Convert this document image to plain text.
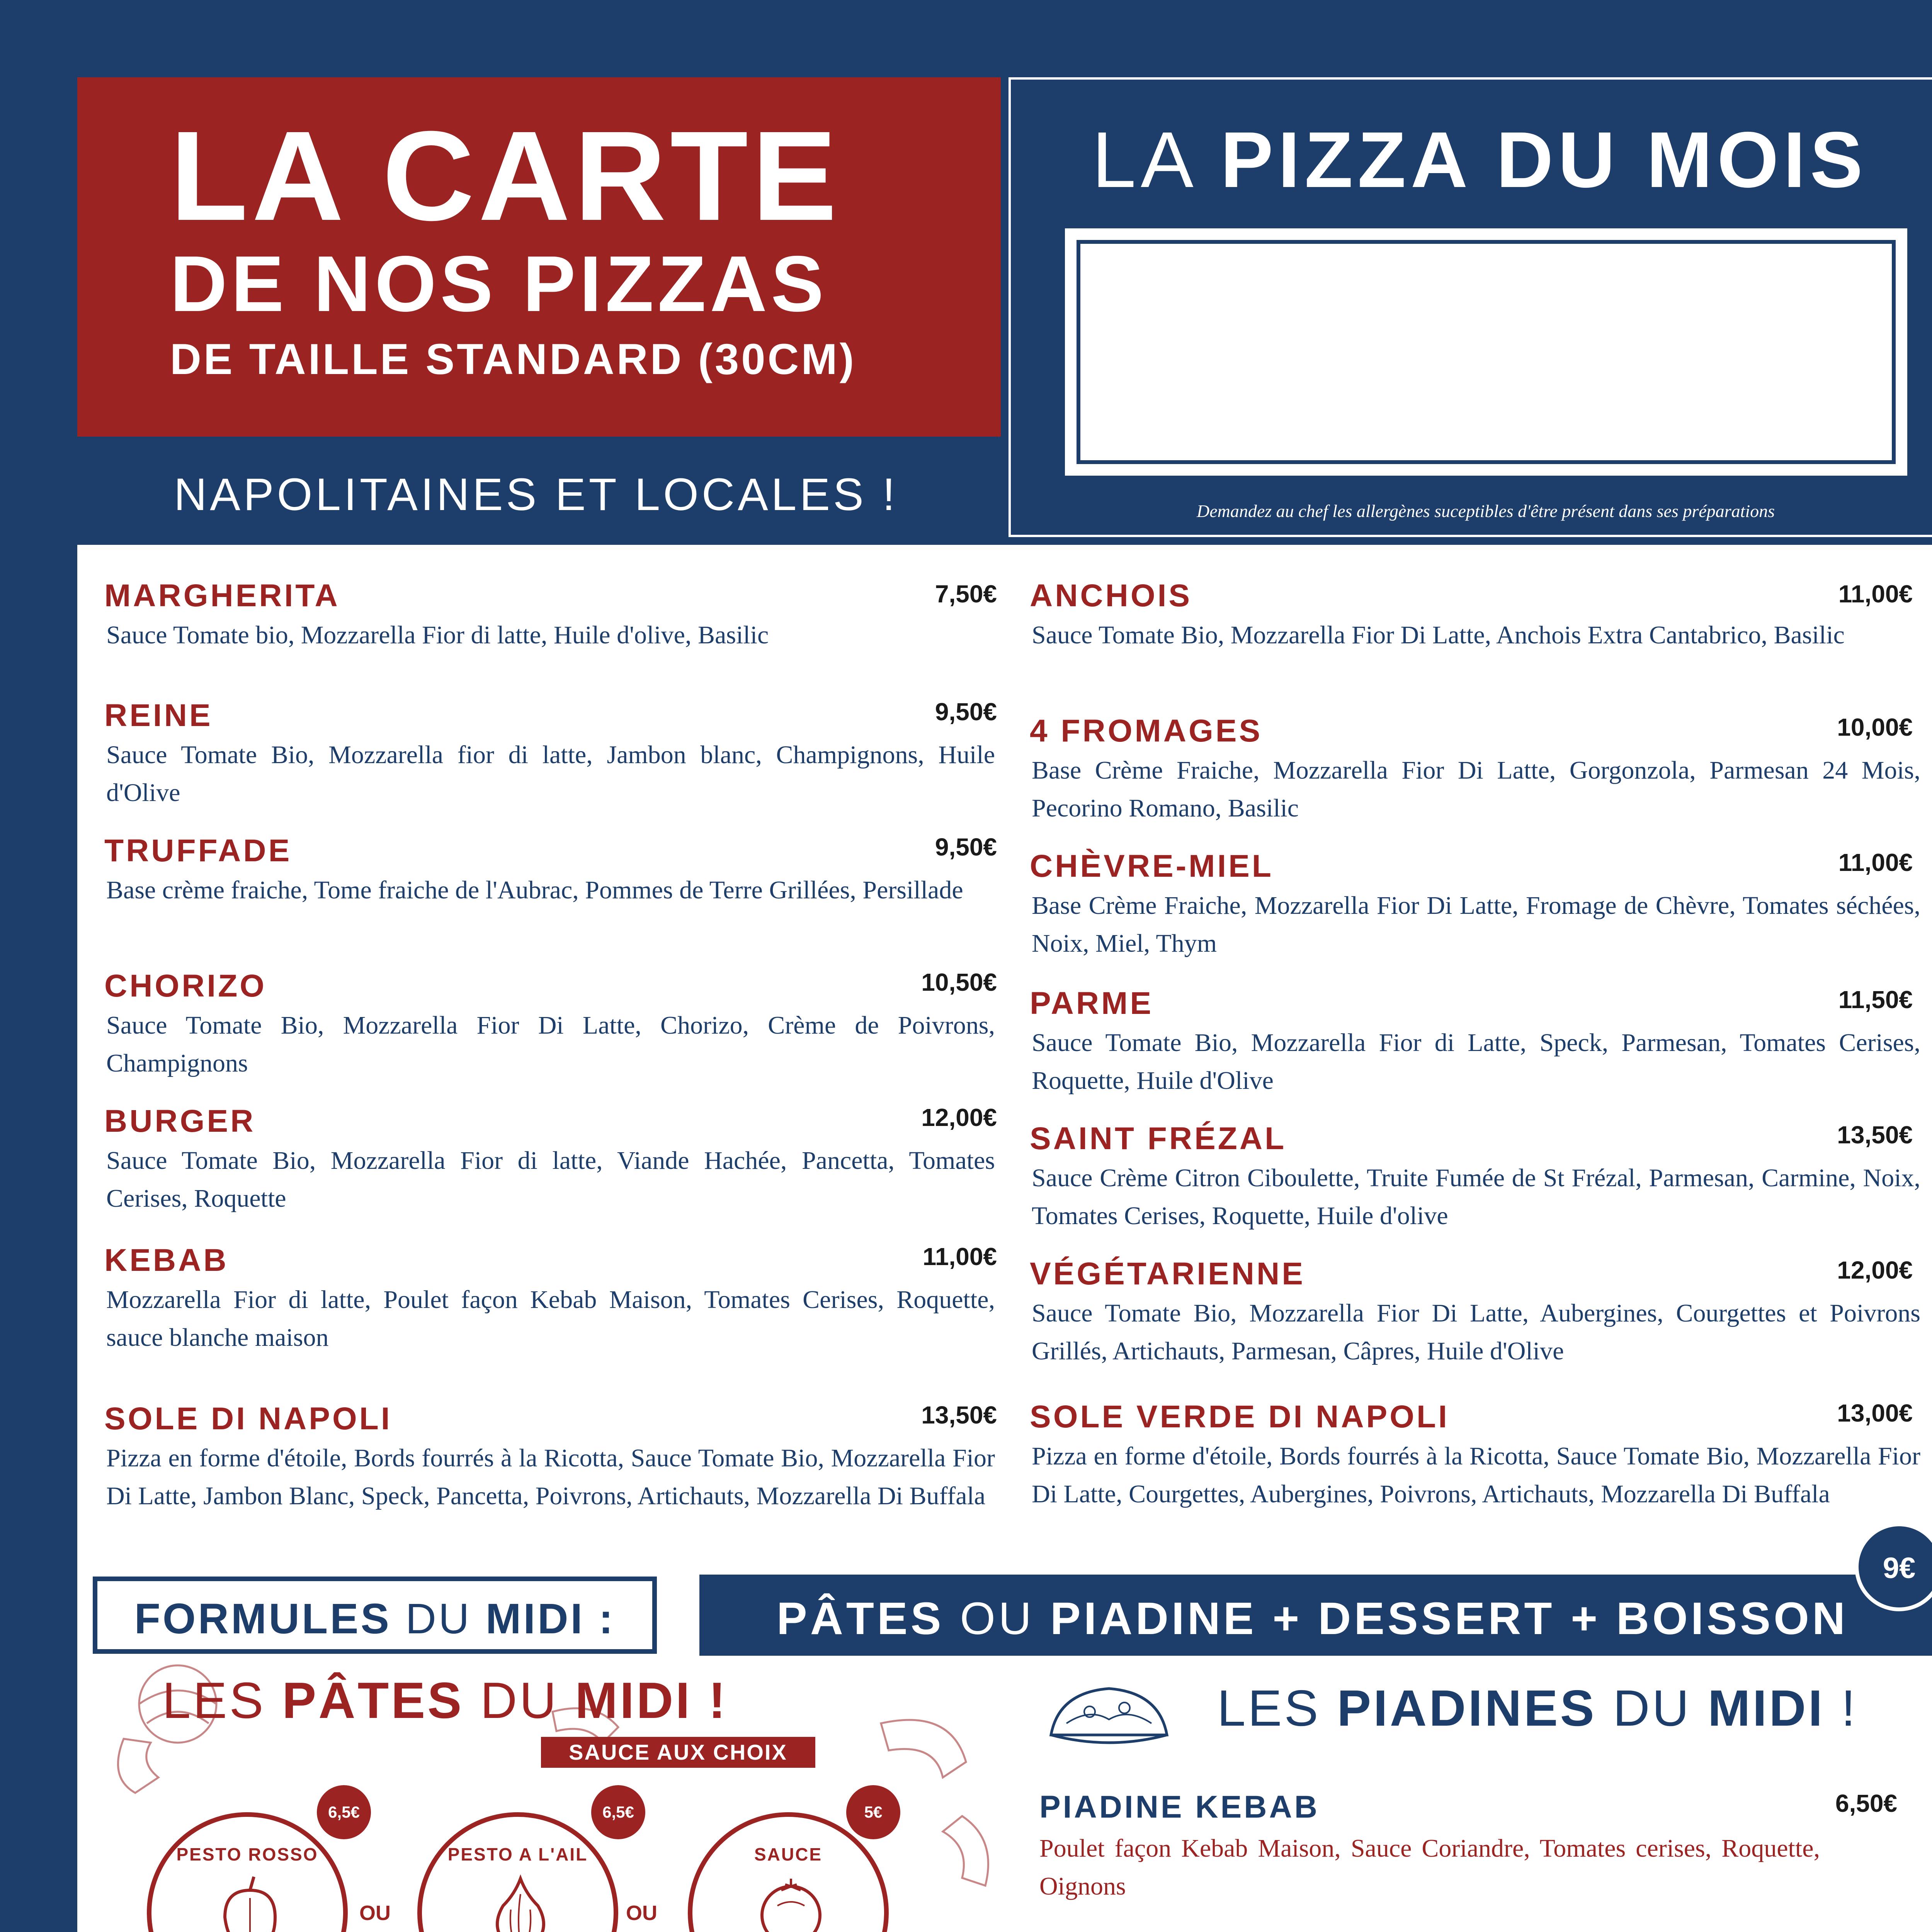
LA CARTE
DE NOS PIZZAS
DE TAILLE STANDARD (30CM)
NAPOLITAINES ET LOCALES !
LA PIZZA DU MOIS
Demandez au chef les allergènes suceptibles d'être présent dans ses préparations
MARGHERITA	7,50€
Sauce Tomate bio, Mozzarella Fior di latte, Huile d'olive, Basilic
REINE	9,50€
Sauce Tomate Bio, Mozzarella fior di latte, Jambon blanc, Champignons, Huile d'Olive
TRUFFADE	9,50€
Base crème fraiche, Tome fraiche de l'Aubrac, Pommes de Terre Grillées, Persillade
CHORIZO	10,50€
Sauce Tomate Bio, Mozzarella Fior Di Latte, Chorizo, Crème de Poivrons, Champignons
BURGER	12,00€
Sauce Tomate Bio, Mozzarella Fior di latte, Viande Hachée, Pancetta, Tomates Cerises, Roquette
KEBAB	11,00€
Mozzarella Fior di latte, Poulet façon Kebab Maison, Tomates Cerises, Roquette, sauce blanche maison
SOLE DI NAPOLI	13,50€
Pizza en forme d'étoile, Bords fourrés à la Ricotta, Sauce Tomate Bio, Mozzarella Fior Di Latte, Jambon Blanc, Speck, Pancetta, Poivrons, Artichauts, Mozzarella Di Buffala
ANCHOIS	11,00€
Sauce Tomate Bio, Mozzarella Fior Di Latte, Anchois Extra Cantabrico, Basilic
4 FROMAGES	10,00€
Base Crème Fraiche, Mozzarella Fior Di Latte, Gorgonzola, Parmesan 24 Mois, Pecorino Romano, Basilic
CHÈVRE-MIEL	11,00€
Base Crème Fraiche, Mozzarella Fior Di Latte, Fromage de Chèvre, Tomates séchées, Noix, Miel, Thym
PARME	11,50€
Sauce Tomate Bio, Mozzarella Fior di Latte, Speck, Parmesan, Tomates Cerises, Roquette, Huile d'Olive
SAINT FRÉZAL	13,50€
Sauce Crème Citron Ciboulette, Truite Fumée de St Frézal, Parmesan, Carmine, Noix, Tomates Cerises, Roquette, Huile d'olive
VÉGÉTARIENNE	12,00€
Sauce Tomate Bio, Mozzarella Fior Di Latte, Aubergines, Courgettes et Poivrons Grillés, Artichauts, Parmesan, Câpres, Huile d'Olive
SOLE VERDE DI NAPOLI	13,00€
Pizza en forme d'étoile, Bords fourrés à la Ricotta, Sauce Tomate Bio, Mozzarella Fior Di Latte, Courgettes, Aubergines, Poivrons, Artichauts, Mozzarella Di Buffala
FORMULES DU MIDI :	PÂTES OU PIADINE + DESSERT + BOISSON
9€
LES PÂTES DU MIDI !
SAUCE AUX CHOIX
6,5€
PESTO ROSSO
OU
6,5€
PESTO A L'AIL
OU
5€
SAUCE
LES PIADINES DU MIDI !
PIADINE KEBAB	6,50€
Poulet façon Kebab Maison, Sauce Coriandre, Tomates cerises, Roquette, Oignons
